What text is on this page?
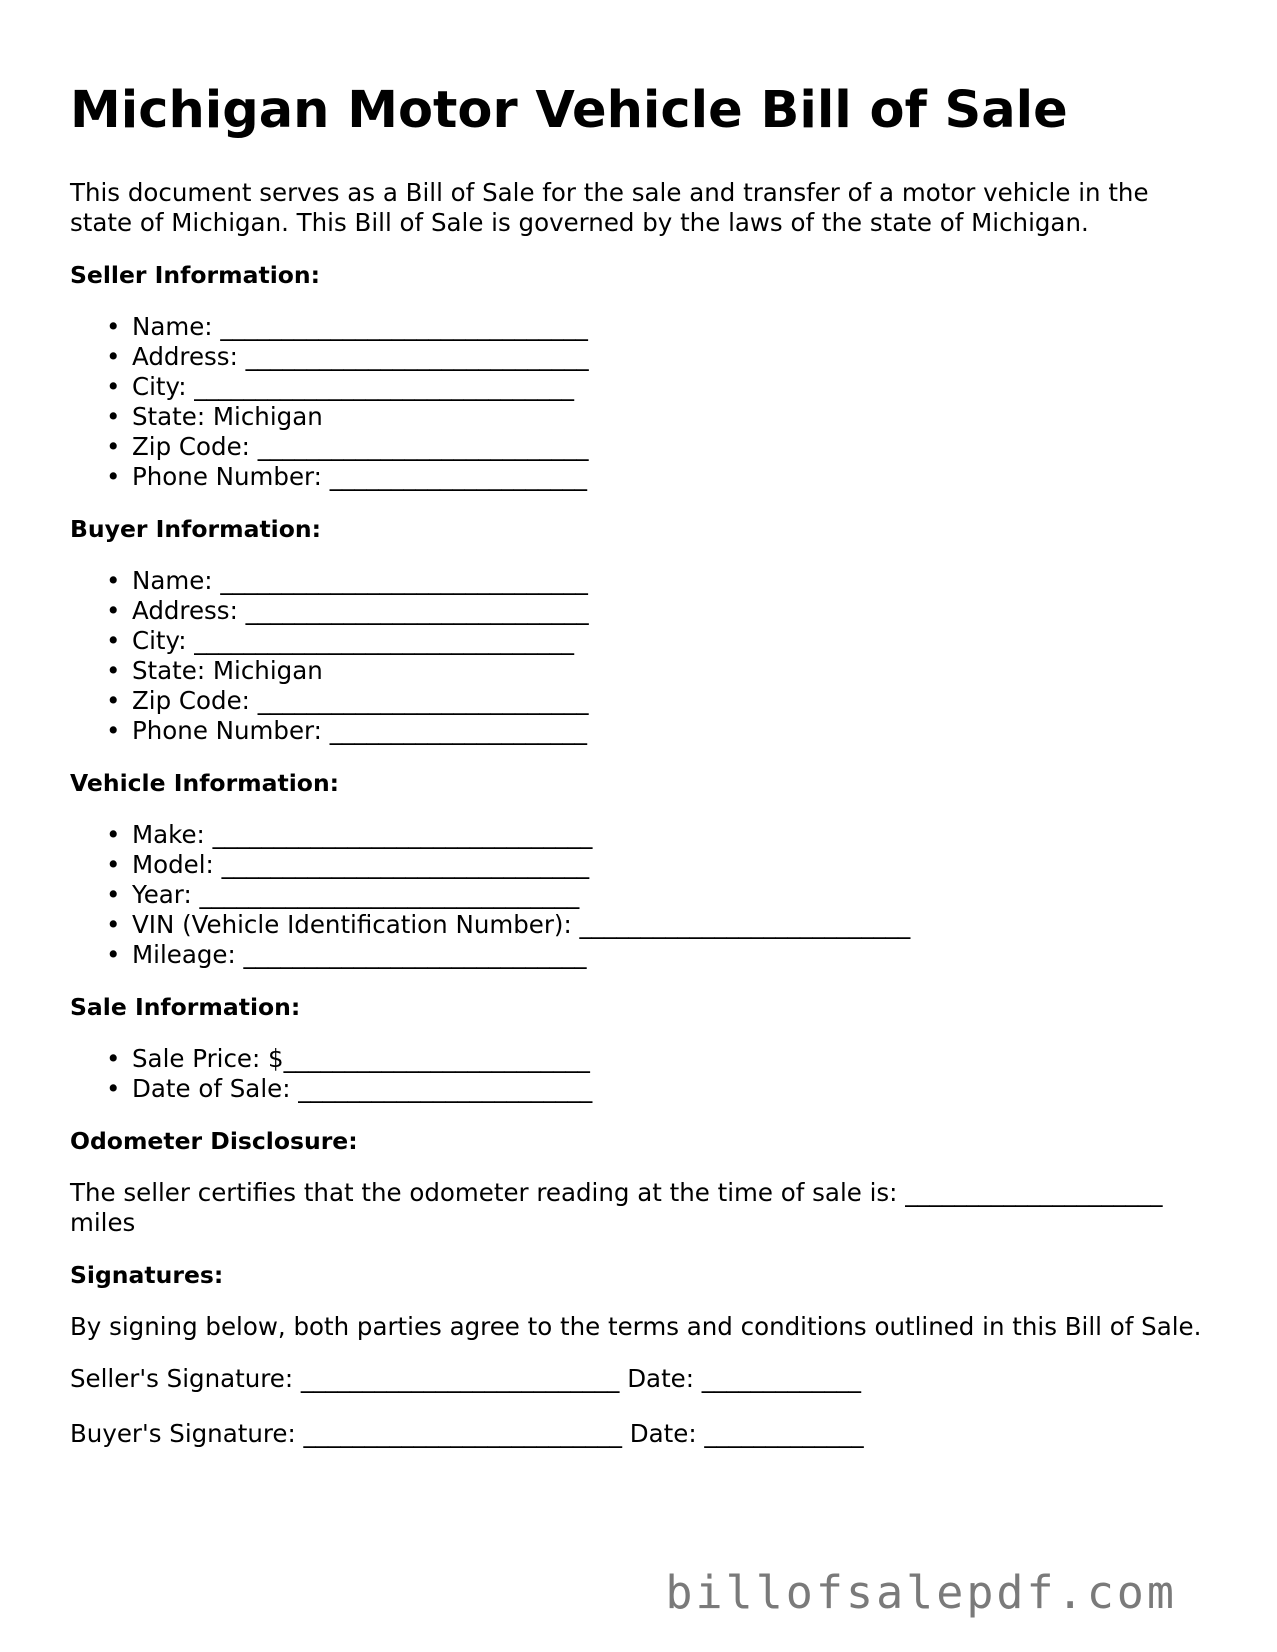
Michigan Motor Vehicle Bill of Sale

This document serves as a Bill of Sale for the sale and transfer of a motor vehicle in the state of Michigan. This Bill of Sale is governed by the laws of the state of Michigan.

Seller Information:
• Name: ______________________________
• Address: ____________________________
• City: _______________________________
• State: Michigan
• Zip Code: ___________________________
• Phone Number: _____________________
Buyer Information:
• Name: ______________________________
• Address: ____________________________
• City: _______________________________
• State: Michigan
• Zip Code: ___________________________
• Phone Number: _____________________
Vehicle Information:
• Make: _______________________________
• Model: ______________________________
• Year: _______________________________
• VIN (Vehicle Identification Number): ___________________________
• Mileage: ____________________________
Sale Information:
• Sale Price: $_________________________
• Date of Sale: ________________________
Odometer Disclosure:

The seller certifies that the odometer reading at the time of sale is: _____________________ miles

Signatures:

By signing below, both parties agree to the terms and conditions outlined in this Bill of Sale.

Seller's Signature: __________________________ Date: _____________
Buyer's Signature: __________________________ Date: _____________
billofsalepdf.com
